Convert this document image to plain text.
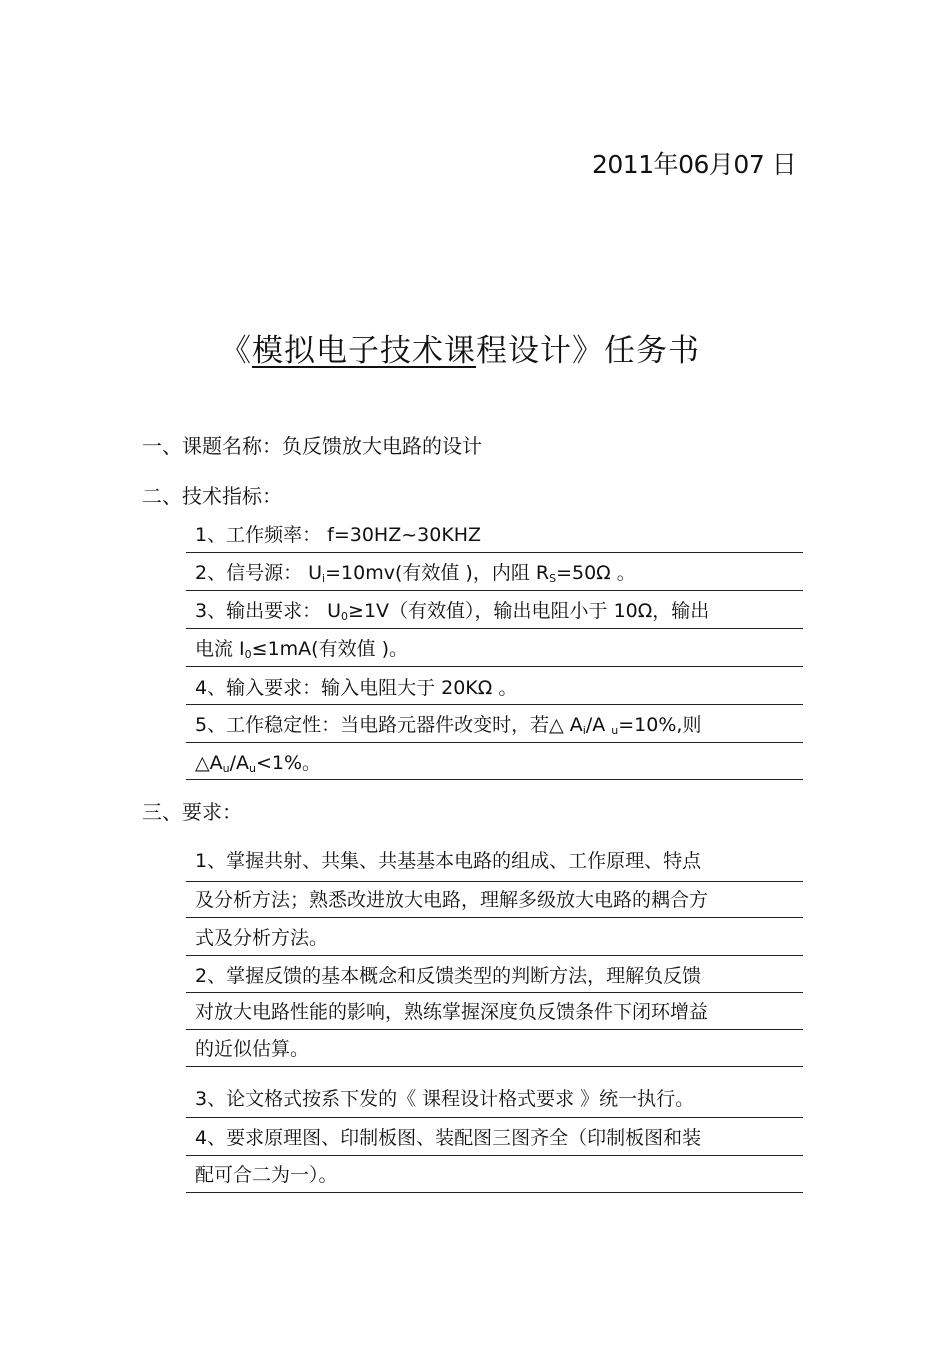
2011年06月07 日
《模拟电子技术课程设计》任务书
一、课题名称：负反馈放大电路的设计
二、技术指标：
1、工作频率： f=30HZ~30KHZ
2、信号源： $U_i=10mv$(有效值 )，内阻 $R_S=50\Omega$ 。
3、输出要求： $U_0\ge 1V$（有效值），输出电阻小于 10Ω，输出
电流 $I_0\le 1mA$(有效值 )。
4、输入要求：输入电阻大于 20KΩ 。
5、工作稳定性：当电路元器件改变时，若△ $A_i/A$ $_u$=10%,则
$\triangle A_u/A_u<1\%$。
三、要求：
1、掌握共射、共集、共基基本电路的组成、工作原理、特点
及分析方法；熟悉改进放大电路，理解多级放大电路的耦合方
式及分析方法。
2、掌握反馈的基本概念和反馈类型的判断方法，理解负反馈
对放大电路性能的影响，熟练掌握深度负反馈条件下闭环增益
的近似估算。
3、论文格式按系下发的《 课程设计格式要求 》统一执行。
4、要求原理图、印制板图、装配图三图齐全（印制板图和装
配可合二为一）。
